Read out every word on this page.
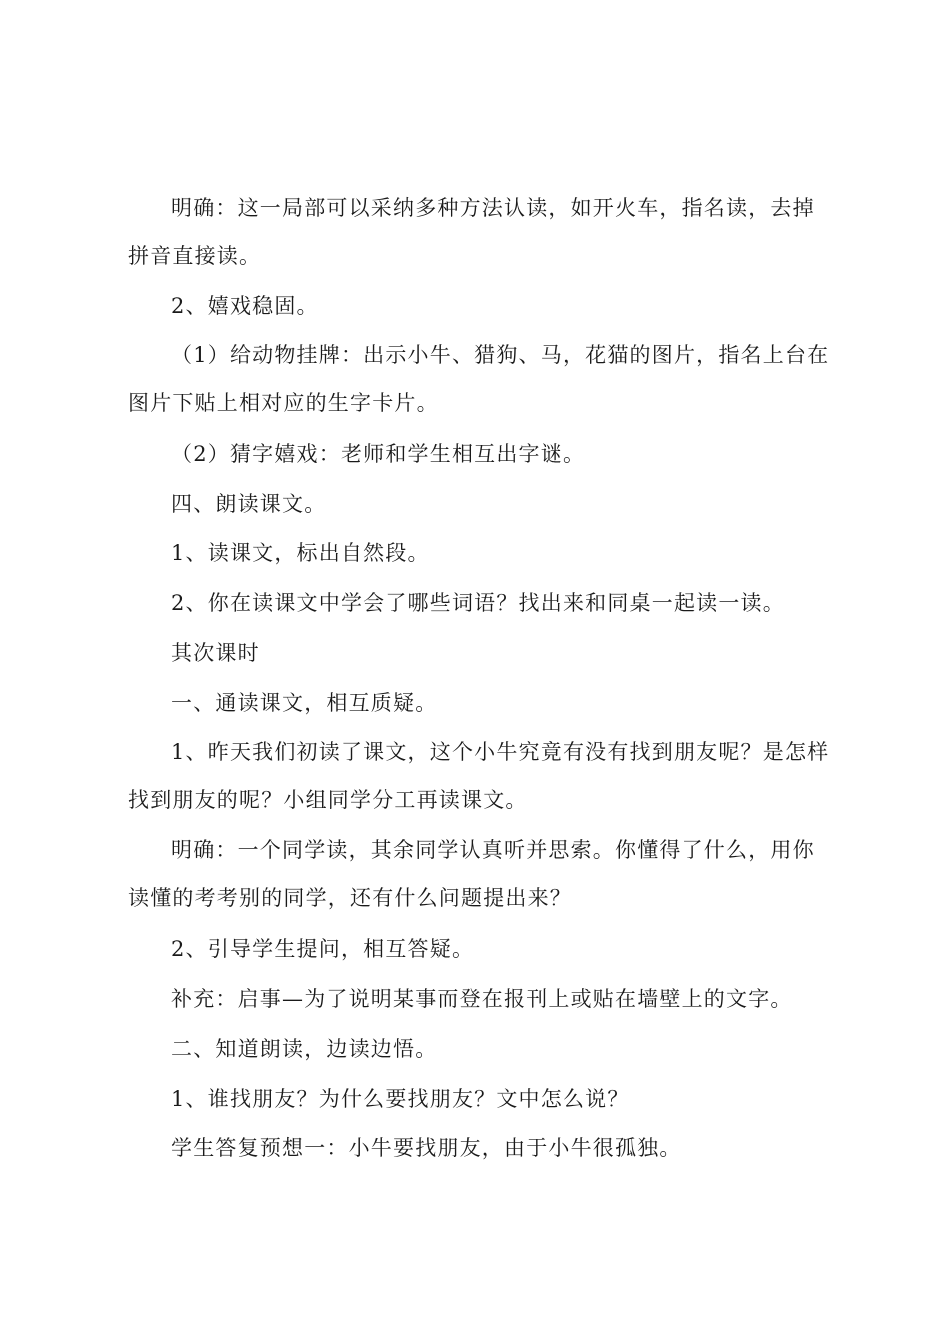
明确：这一局部可以采纳多种方法认读，如开火车，指名读，去掉
拼音直接读。
2、嬉戏稳固。
（1）给动物挂牌：出示小牛、猎狗、马，花猫的图片，指名上台在
图片下贴上相对应的生字卡片。
（2）猜字嬉戏：老师和学生相互出字谜。
四、朗读课文。
1、读课文，标出自然段。
2、你在读课文中学会了哪些词语？找出来和同桌一起读一读。
其次课时
一、通读课文，相互质疑。
1、昨天我们初读了课文，这个小牛究竟有没有找到朋友呢？是怎样
找到朋友的呢？小组同学分工再读课文。
明确：一个同学读，其余同学认真听并思索。你懂得了什么，用你
读懂的考考别的同学，还有什么问题提出来？
2、引导学生提问，相互答疑。
补充：启事—为了说明某事而登在报刊上或贴在墙壁上的文字。
二、知道朗读，边读边悟。
1、谁找朋友？为什么要找朋友？文中怎么说？
学生答复预想一：小牛要找朋友，由于小牛很孤独。
